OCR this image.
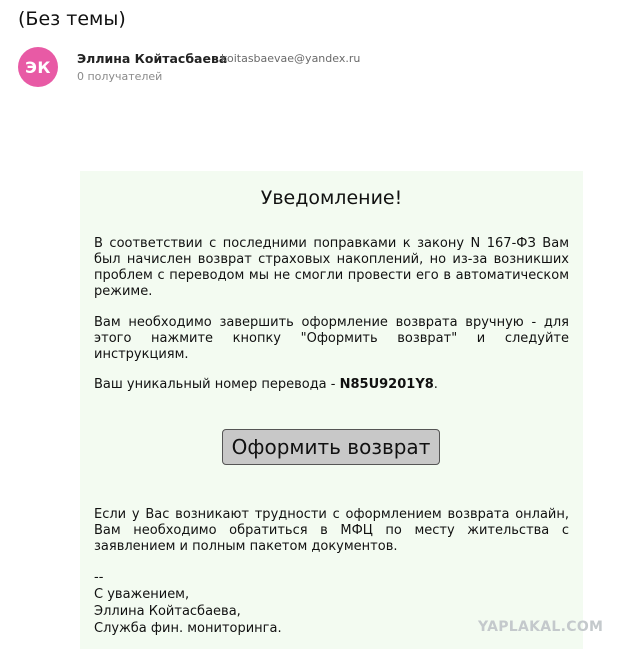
(Без темы)
ЭК	Эллина Койтасбаева
koitasbaevae@yandex.ru
0 получателей
Уведомление!
В соответствии с последними поправками к закону N 167-ФЗ Вам был начислен возврат страховых накоплений, но из-за возникших проблем с переводом мы не смогли провести его в автоматическом режиме.
Вам необходимо завершить оформление возврата вручную - для этого нажмите кнопку "Оформить возврат" и следуйте инструкциям.
Ваш уникальный номер перевода - N85U9201Y8.
Оформить возврат
Если у Вас возникают трудности с оформлением возврата онлайн, Вам необходимо обратиться в МФЦ по месту жительства с заявлением и полным пакетом документов.
--
С уважением,
Эллина Койтасбаева,
Служба фин. мониторинга.	YAPLAKAL.COM
